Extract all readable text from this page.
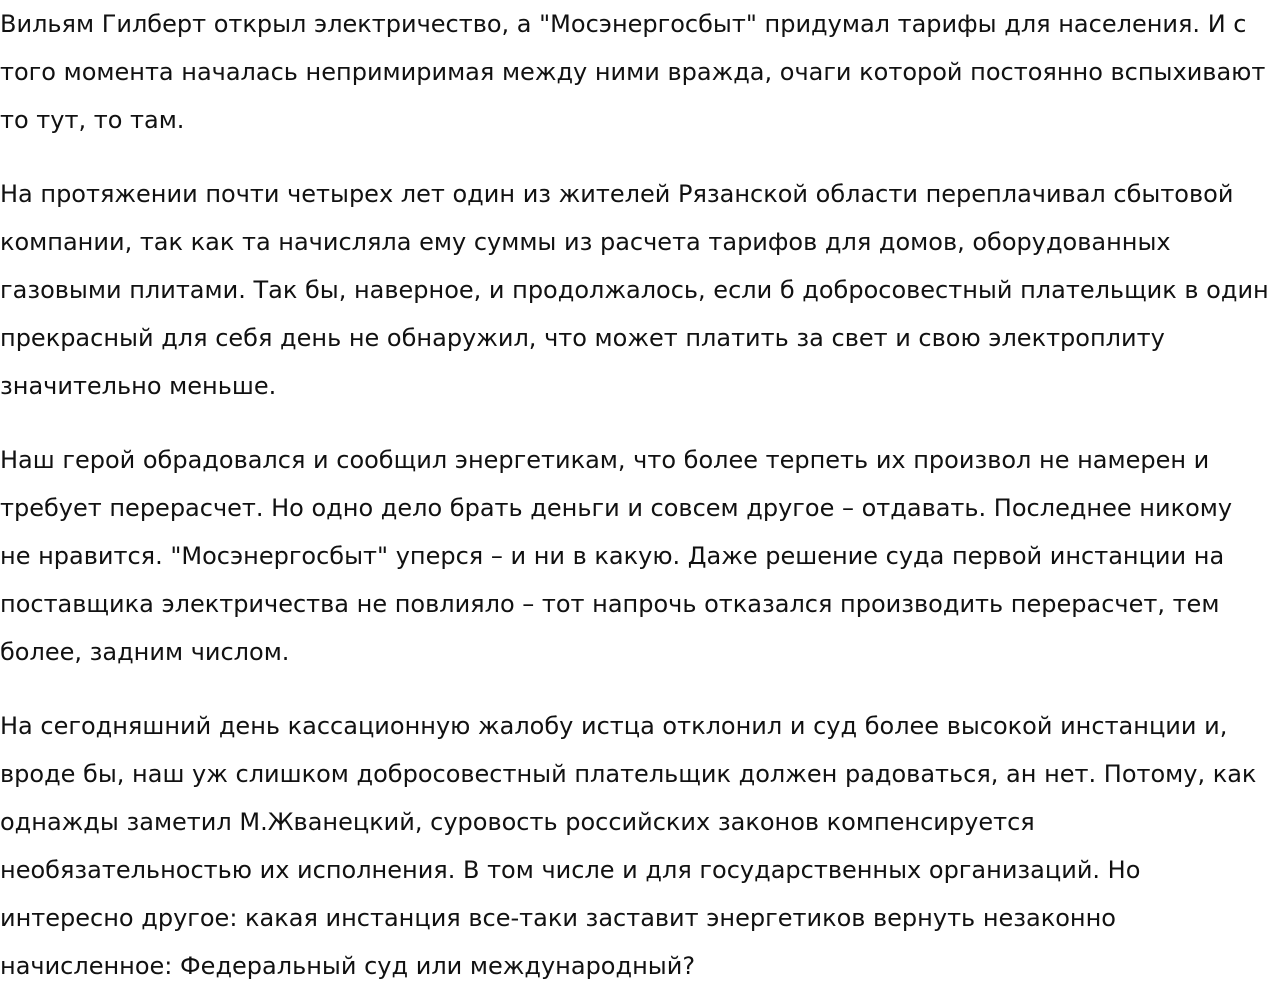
Вильям Гилберт открыл электричество, а "Мосэнергосбыт" придумал тарифы для населения. И с того момента началась непримиримая между ними вражда, очаги которой постоянно вспыхивают то тут, то там.

На протяжении почти четырех лет один из жителей Рязанской области переплачивал сбытовой компании, так как та начисляла ему суммы из расчета тарифов для домов, оборудованных газовыми плитами. Так бы, наверное, и продолжалось, если б добросовестный плательщик в один прекрасный для себя день не обнаружил, что может платить за свет и свою электроплиту значительно меньше.

Наш герой обрадовался и сообщил энергетикам, что более терпеть их произвол не намерен и требует перерасчет. Но одно дело брать деньги и совсем другое – отдавать. Последнее никому не нравится. "Мосэнергосбыт" уперся – и ни в какую. Даже решение суда первой инстанции на поставщика электричества не повлияло – тот напрочь отказался производить перерасчет, тем более, задним числом.

На сегодняшний день кассационную жалобу истца отклонил и суд более высокой инстанции и, вроде бы, наш уж слишком добросовестный плательщик должен радоваться, ан нет. Потому, как однажды заметил М.Жванецкий, суровость российских законов компенсируется необязательностью их исполнения. В том числе и для государственных организаций. Но интересно другое: какая инстанция все-таки заставит энергетиков вернуть незаконно начисленное: Федеральный суд или международный?
